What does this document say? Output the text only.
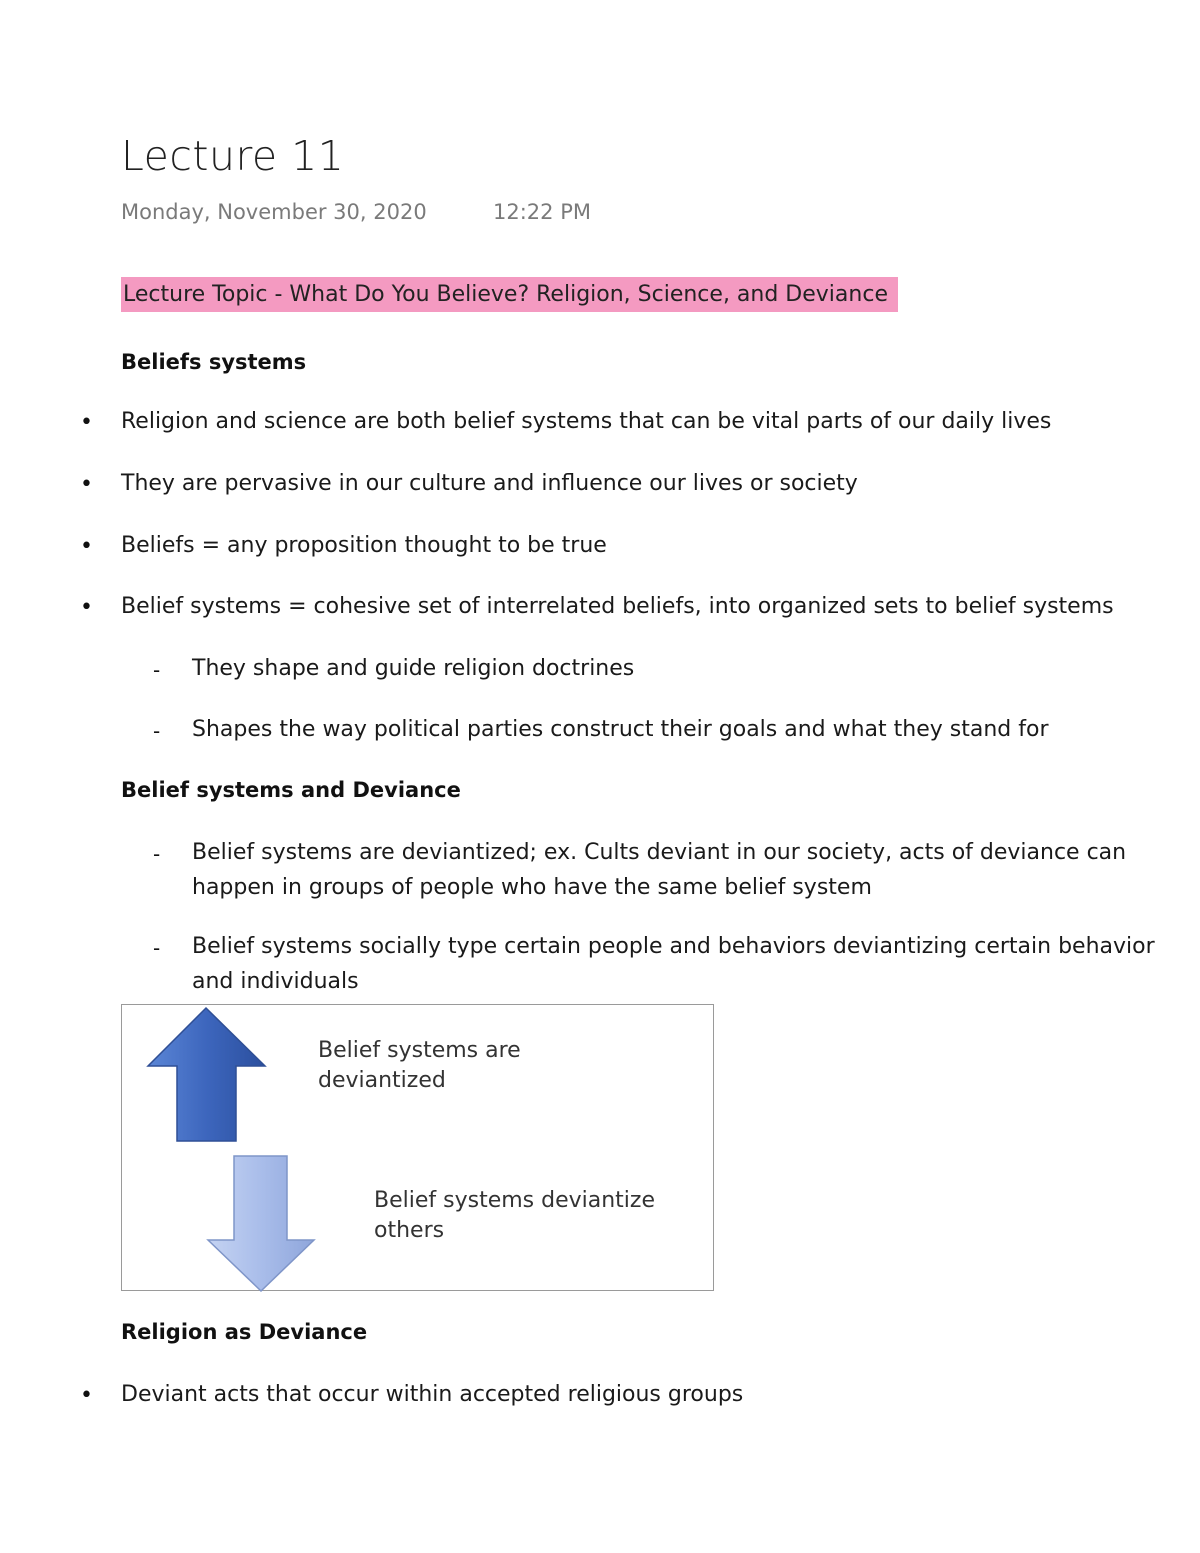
Lecture 11
Monday, November 30, 2020	12:22 PM
Lecture Topic - What Do You Believe? Religion, Science, and Deviance
Beliefs systems
• Religion and science are both belief systems that can be vital parts of our daily lives
• They are pervasive in our culture and influence our lives or society
• Beliefs = any proposition thought to be true
• Belief systems = cohesive set of interrelated beliefs, into organized sets to belief systems
- They shape and guide religion doctrines
- Shapes the way political parties construct their goals and what they stand for
Belief systems and Deviance
- Belief systems are deviantized; ex. Cults deviant in our society, acts of deviance can
happen in groups of people who have the same belief system
- Belief systems socially type certain people and behaviors deviantizing certain behavior
and individuals
Belief systems are deviantized
Belief systems deviantize others
Religion as Deviance
• Deviant acts that occur within accepted religious groups
